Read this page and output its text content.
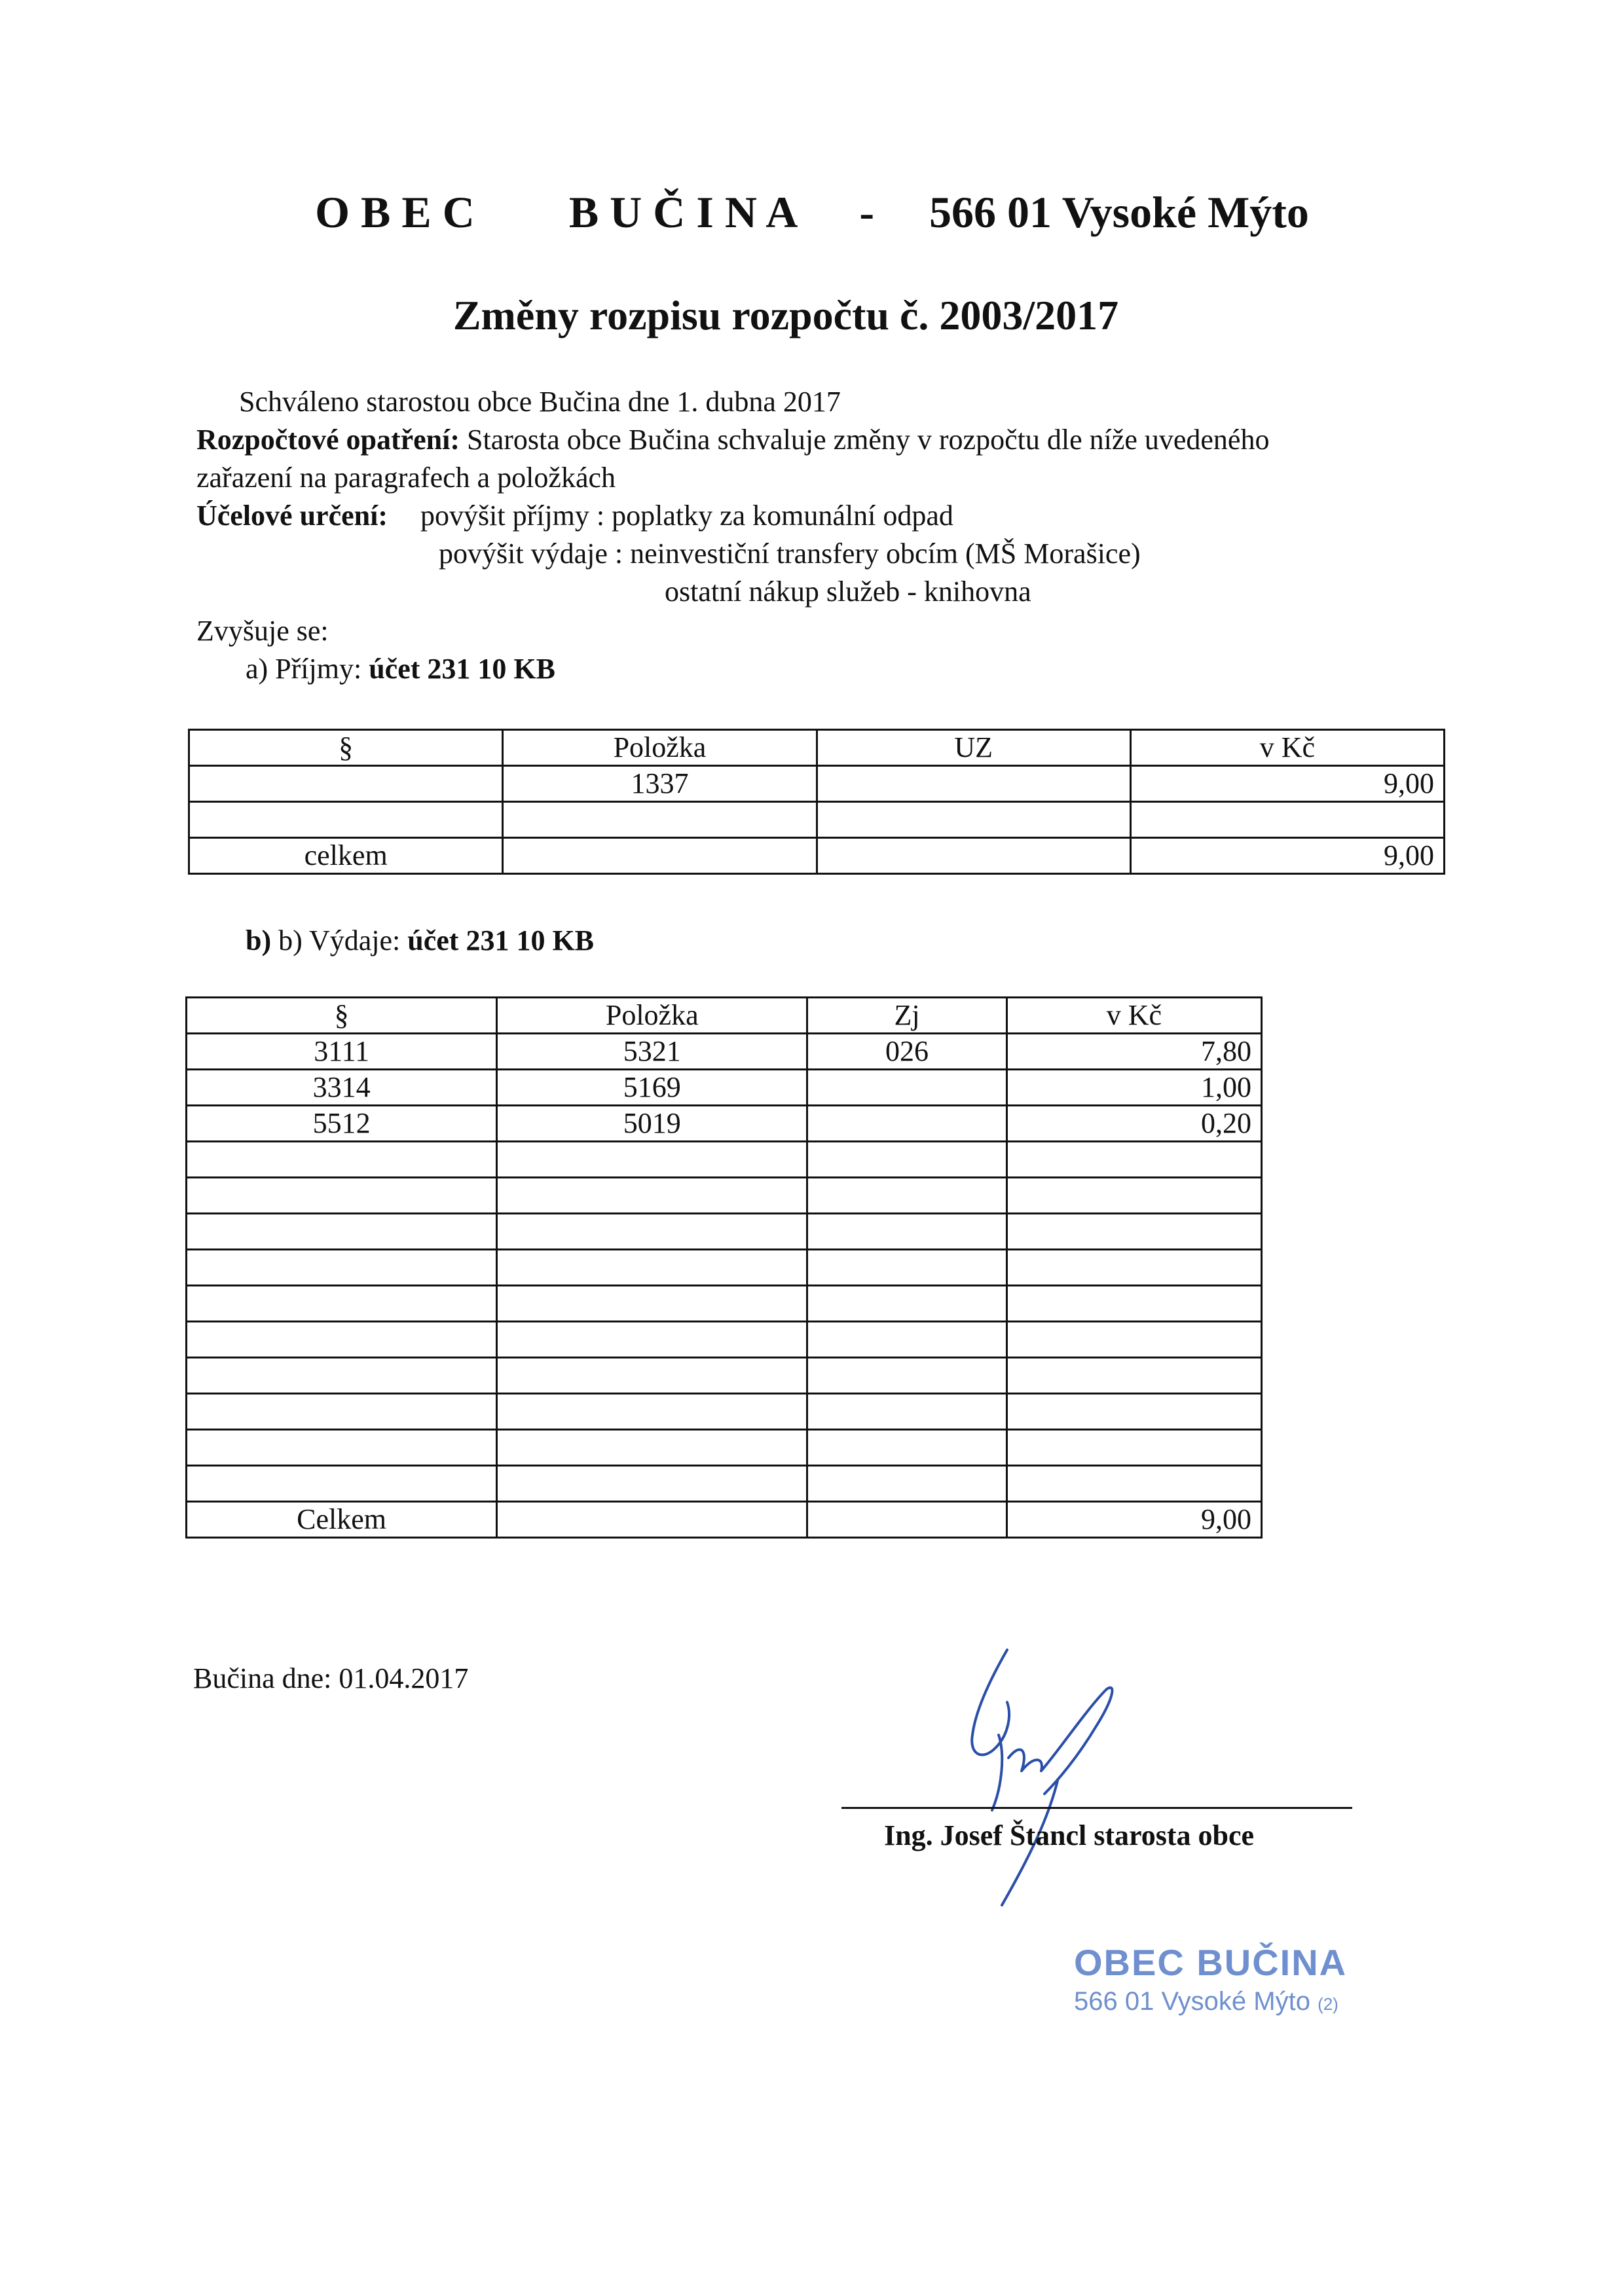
O B E C B U Č I N A - 566 01 Vysoké Mýto
Změny rozpisu rozpočtu č. 2003/2017
Schváleno starostou obce Bučina dne 1. dubna 2017
Rozpočtové opatření: Starosta obce Bučina schvaluje změny v rozpočtu dle níže uvedeného
zařazení na paragrafech a položkách
Účelové určení: povýšit příjmy : poplatky za komunální odpad
povýšit výdaje : neinvestiční transfery obcím (MŠ Morašice)
ostatní nákup služeb - knihovna
Zvyšuje se:
a) Příjmy: účet 231 10 KB
§	Položka	UZ	v Kč
	1337		9,00

celkem			9,00
b) b) Výdaje: účet 231 10 KB
§	Položka	Zj	v Kč
3111	5321	026	7,80
3314	5169		1,00
5512	5019		0,20

Celkem			9,00
Bučina dne: 01.04.2017
Ing. Josef Štancl starosta obce
OBEC BUČINA
566 01 Vysoké Mýto (2)
